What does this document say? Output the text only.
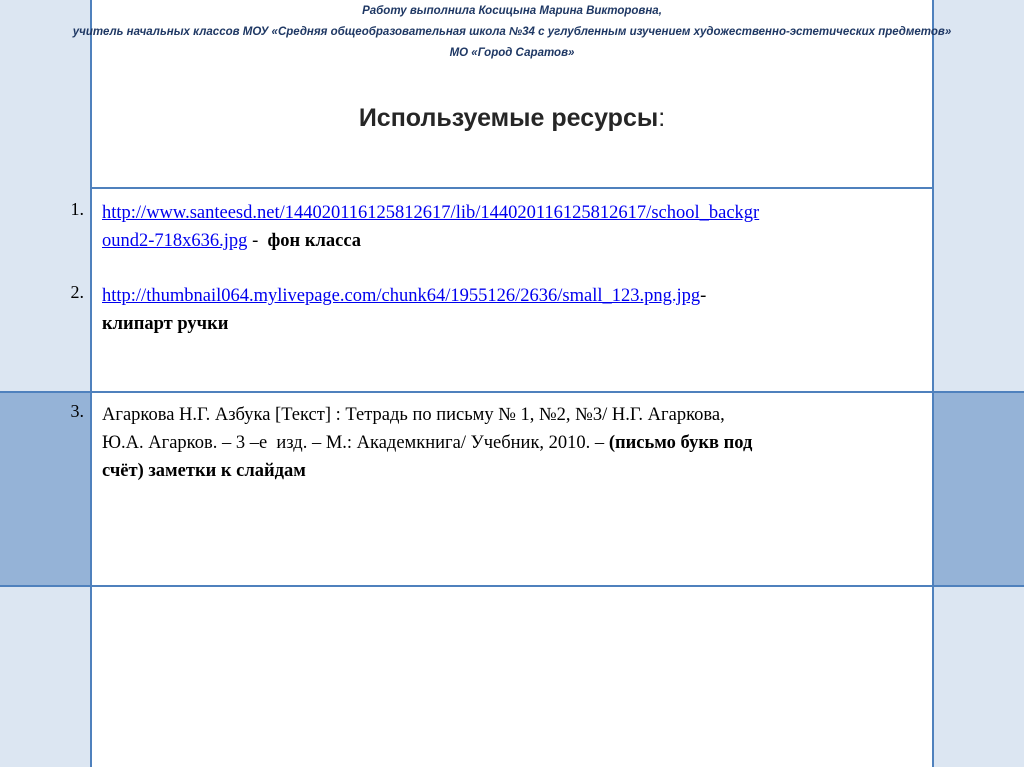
Работу выполнила Косицына Марина Викторовна,
учитель начальных классов МОУ «Средняя общеобразовательная школа №34 с углубленным изучением художественно-эстетических предметов»
МО «Город Саратов»
Используемые ресурсы:
1. http://www.santeesd.net/14402011612581261​7/lib/144020116125812617/school_backgr
ound2-718x636.jpg -  фон класса
2. http://thumbnail064.mylivepage.com/chunk64/1955126/2636/small_123.png.jpg-
клипарт ручки
3. Агаркова Н.Г. Азбука [Текст] : Тетрадь по письму № 1, №2, №3/ Н.Г. Агаркова,
Ю.А. Агарков. – 3 –е  изд. – М.: Академкнига/ Учебник, 2010. – (письмо букв под
счёт) заметки к слайдам
